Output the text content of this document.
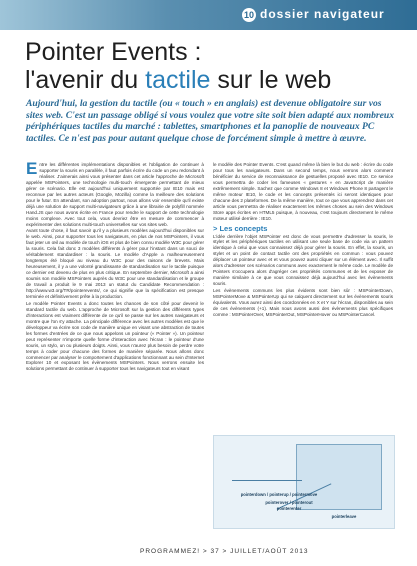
10 dossier navigateur
Pointer Events :
l'avenir du tactile sur le web
Aujourd'hui, la gestion du tactile (ou « touch » en anglais) est devenue obligatoire sur vos sites web. C'est un passage obligé si vous voulez que votre site soit bien adapté aux nombreux périphériques tactiles du marché : tablettes, smartphones et la panoplie de nouveaux PC tactiles. Ce n'est pas pour autant quelque chose de forcément simple à mettre à œuvre.

Entre les différentes implémentations disponibles et l'obligation de continuer à supporter la souris en parallèle, il faut parfois écrire du code un peu redondant à réaliser. J'aimerais ainsi vous présenter dans cet article l'approche de Microsoft appelée MSPointers, une technologie multi-touch émergente permettant de mieux gérer ce scénario. Elle est aujourd'hui uniquement supportée par IE10 mais est reconnue par les autres acteurs (Google, Mozilla) comme la meilleure des solutions pour le futur. En attendant, son adoption partout, nous allons voir ensemble qu'il existe déjà une solution de support multi-navigateurs grâce à une librairie de polyfill nommée Hand.JS que nous avons écrite en France pour rendre le support de cette technologie moins complexe. Avec tout cela, vous devriez être en mesure de commencer à expérimenter des solutions multi-touch universelles sur vos sites web.

Avant toute chose, il faut savoir qu'il y a plusieurs modèles aujourd'hui disponibles sur le web. Ainsi, pour supporter tous les navigateurs, en plus de nos MSPointers, il vous faut jeter un œil au modèle de touch iOS et plus de bien connu modèle W3C pour gérer la souris. Cela fait donc 3 modèles différents à gérer pour l'instant dans un souci de véritablement standardiser : la souris. Le modèle d'Apple a malheureusement longtemps été bloqué au niveau du W3C pour des raisons de brevets. Mais heureusement, il y a une volonté grandissante de standardisation sur le tactile puisque ce dernier est devenu de plus en plus critique. En septembre dernier, Microsoft a ainsi soumis son modèle MSPointers auprès du W3C pour une standardisation et le groupe de travail a produit le 9 mai 2013 un statut du Candidate Recommendation : http://www.w3.org/TR/pointerevents/, ce qui signifie que la spécification est presque terminée et définitivement prête à la production.

Le modèle Pointer Events a donc toutes les chances de son côté pour devenir le standard tactile du web. L'approche de Microsoft sur la gestion des différents types d'interactions est vraiment différente de ce qu'il se passe sur les autres navigateurs et montre que l'on s'y attache. La principale différence avec les autres modèles est que le développeur va écrire son code de manière unique en visant une abstraction de toutes les formes d'entrées de ce que nous appelons un pointeur (« Pointer »). Un pointeur peut représenter n'importe quelle forme d'interaction avec l'écran : le pointeur d'une souris, un stylo, un ou plusieurs doigts. Ainsi, vous n'aurez plus besoin de perdre votre temps à coder pour chacune des formes de manière séparée. Nous allons donc commencer par analyser le comportement d'applications fonctionnant au sein d'Internet Explorer 10 et exposant les évènements MSPointers. Nous verrons ensuite les solutions permettant de continuer à supporter tous les navigateurs tout en visant

le modèle des Pointer Events. C'est quand même là bien le but du web : écrire du code pour tous les navigateurs. Dans un second temps, nous verrons alors comment bénéficier du service de reconnaissance de gestuelles proposé avec IE10. Ce service vous permettra de coder les fameuses « gestures » en JavaScript de manière extrêmement simple. Sachez que comme Windows 8 et Windows Phone 8 partagent le même moteur IE10, le code et les concepts présentés ici seront identiques pour chacune des 2 plateformes. De la même manière, tout ce que vous apprendrez dans cet article vous permettra de réaliser exactement les mêmes choses au sein des Windows Store apps écrites en HTML5 puisque, à nouveau, c'est toujours directement le même moteur utilisé derrière : IE10.

> Les concepts

L'idée derrière l'objet MSPointer est donc de vous permettre d'adresser la souris, le stylet et les périphériques tactiles en utilisant une seule base de code via un pattern identique à celui que vous connaissez déjà pour gérer la souris. En effet, la souris, un stylet et un point de contact tactile ont des propriétés en commun : vous pouvez déplacer un pointeur avec et et vous pouvez aussi cliquer sur un élément avec. Il suffit alors d'adresser ces scénarios communs avec exactement le même code. Le modèle de Pointers s'occupera alors d'agréger ces propriétés communes et de les exposer de manière similaire à ce que vous connaissez déjà aujourd'hui avec les évènements souris.

Les évènements communs les plus évidents sont bien sûr : MSPointerDown, MSPointerMove & MSPointerUp qui se calquent directement sur les évènements souris équivalents. Vous aurez ainsi des coordonnées en X et Y sur l'écran, disponibles au sein de ces évènements (+1). Mais nous avons aussi des évènements plus spécifiques comme : MSPointerOver, MSPointerOut, MSPointerHover ou MSPointerCancel.

pointerdown / pointerup / pointermove
pointerover / pointerout
pointerenter
pointerleave
PROGRAMMEZ! > 37 > JUILLET/AOÛT 2013
